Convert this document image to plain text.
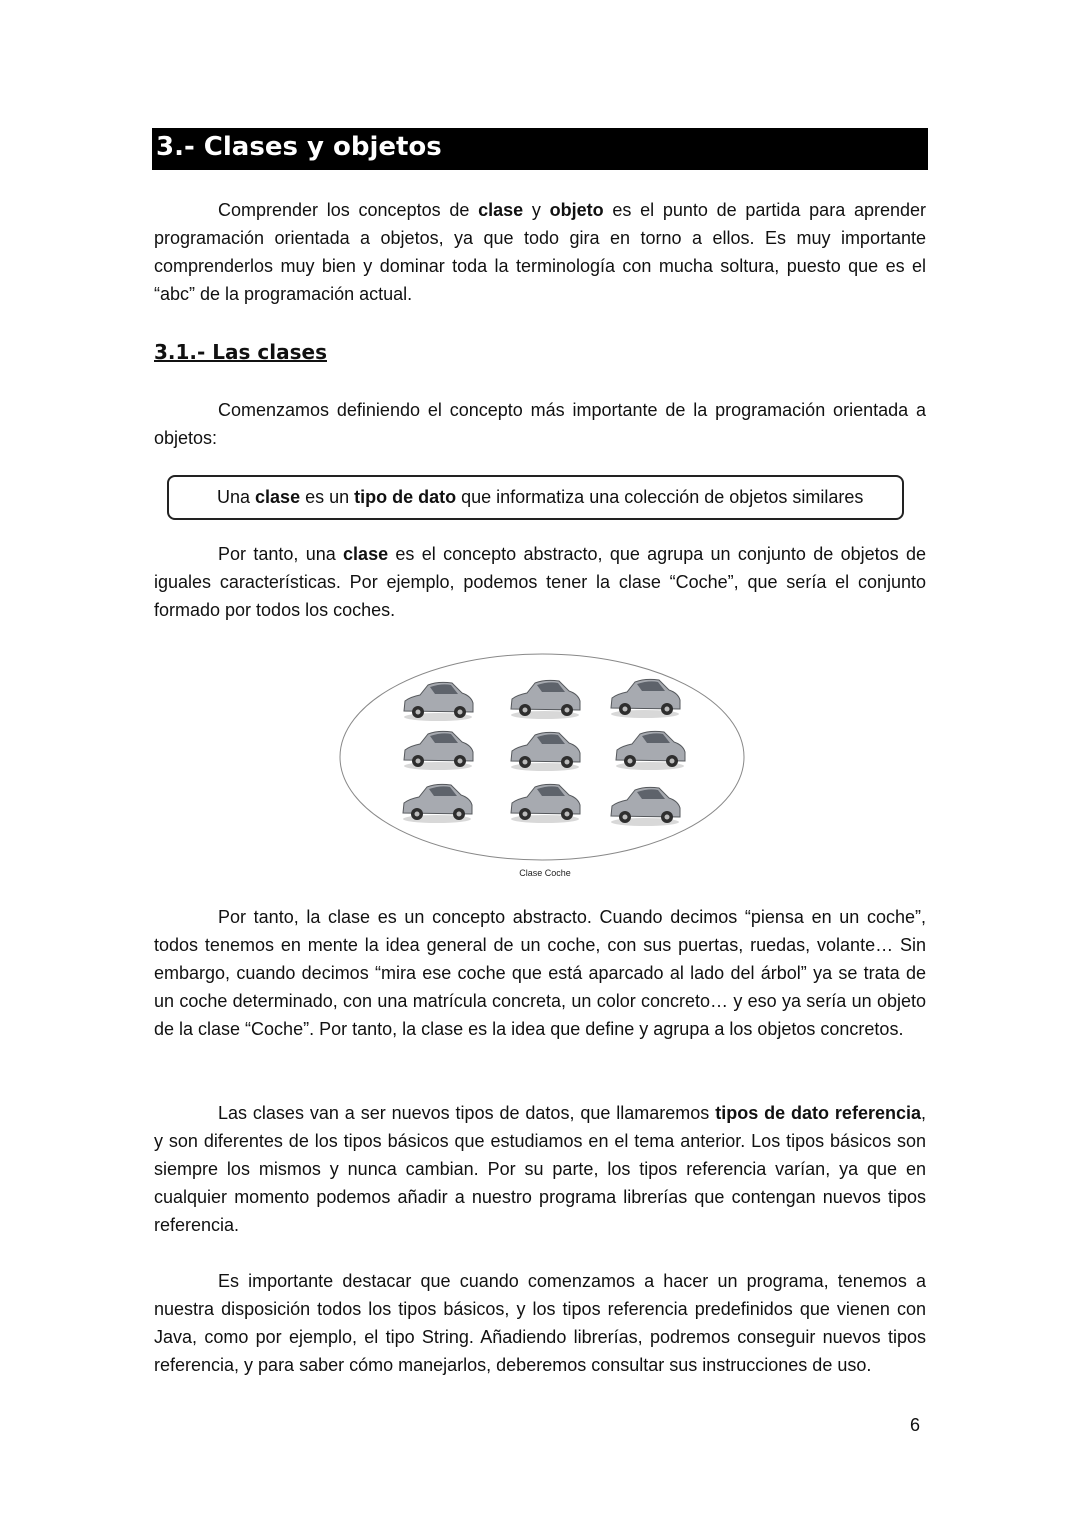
3.- Clases y objetos

Comprender los conceptos de clase y objeto es el punto de partida para aprender programación orientada a objetos, ya que todo gira en torno a ellos. Es muy importante comprenderlos muy bien y dominar toda la terminología con mucha soltura, puesto que es el “abc” de la programación actual.

3.1.- Las clases

Comenzamos definiendo el concepto más importante de la programación orientada a objetos:

Una clase es un tipo de dato que informatiza una colección de objetos similares

Por tanto, una clase es el concepto abstracto, que agrupa un conjunto de objetos de iguales características. Por ejemplo, podemos tener la clase “Coche”, que sería el conjunto formado por todos los coches.

Clase Coche

Por tanto, la clase es un concepto abstracto. Cuando decimos “piensa en un coche”, todos tenemos en mente la idea general de un coche, con sus puertas, ruedas, volante… Sin embargo, cuando decimos “mira ese coche que está aparcado al lado del árbol” ya se trata de un coche determinado, con una matrícula concreta, un color concreto… y eso ya sería un objeto de la clase “Coche”. Por tanto, la clase es la idea que define y agrupa a los objetos concretos.

Las clases van a ser nuevos tipos de datos, que llamaremos tipos de dato referencia, y son diferentes de los tipos básicos que estudiamos en el tema anterior. Los tipos básicos son siempre los mismos y nunca cambian. Por su parte, los tipos referencia varían, ya que en cualquier momento podemos añadir a nuestro programa librerías que contengan nuevos tipos referencia.

Es importante destacar que cuando comenzamos a hacer un programa, tenemos a nuestra disposición todos los tipos básicos, y los tipos referencia predefinidos que vienen con Java, como por ejemplo, el tipo String. Añadiendo librerías, podremos conseguir nuevos tipos referencia, y para saber cómo manejarlos, deberemos consultar sus instrucciones de uso.

6
